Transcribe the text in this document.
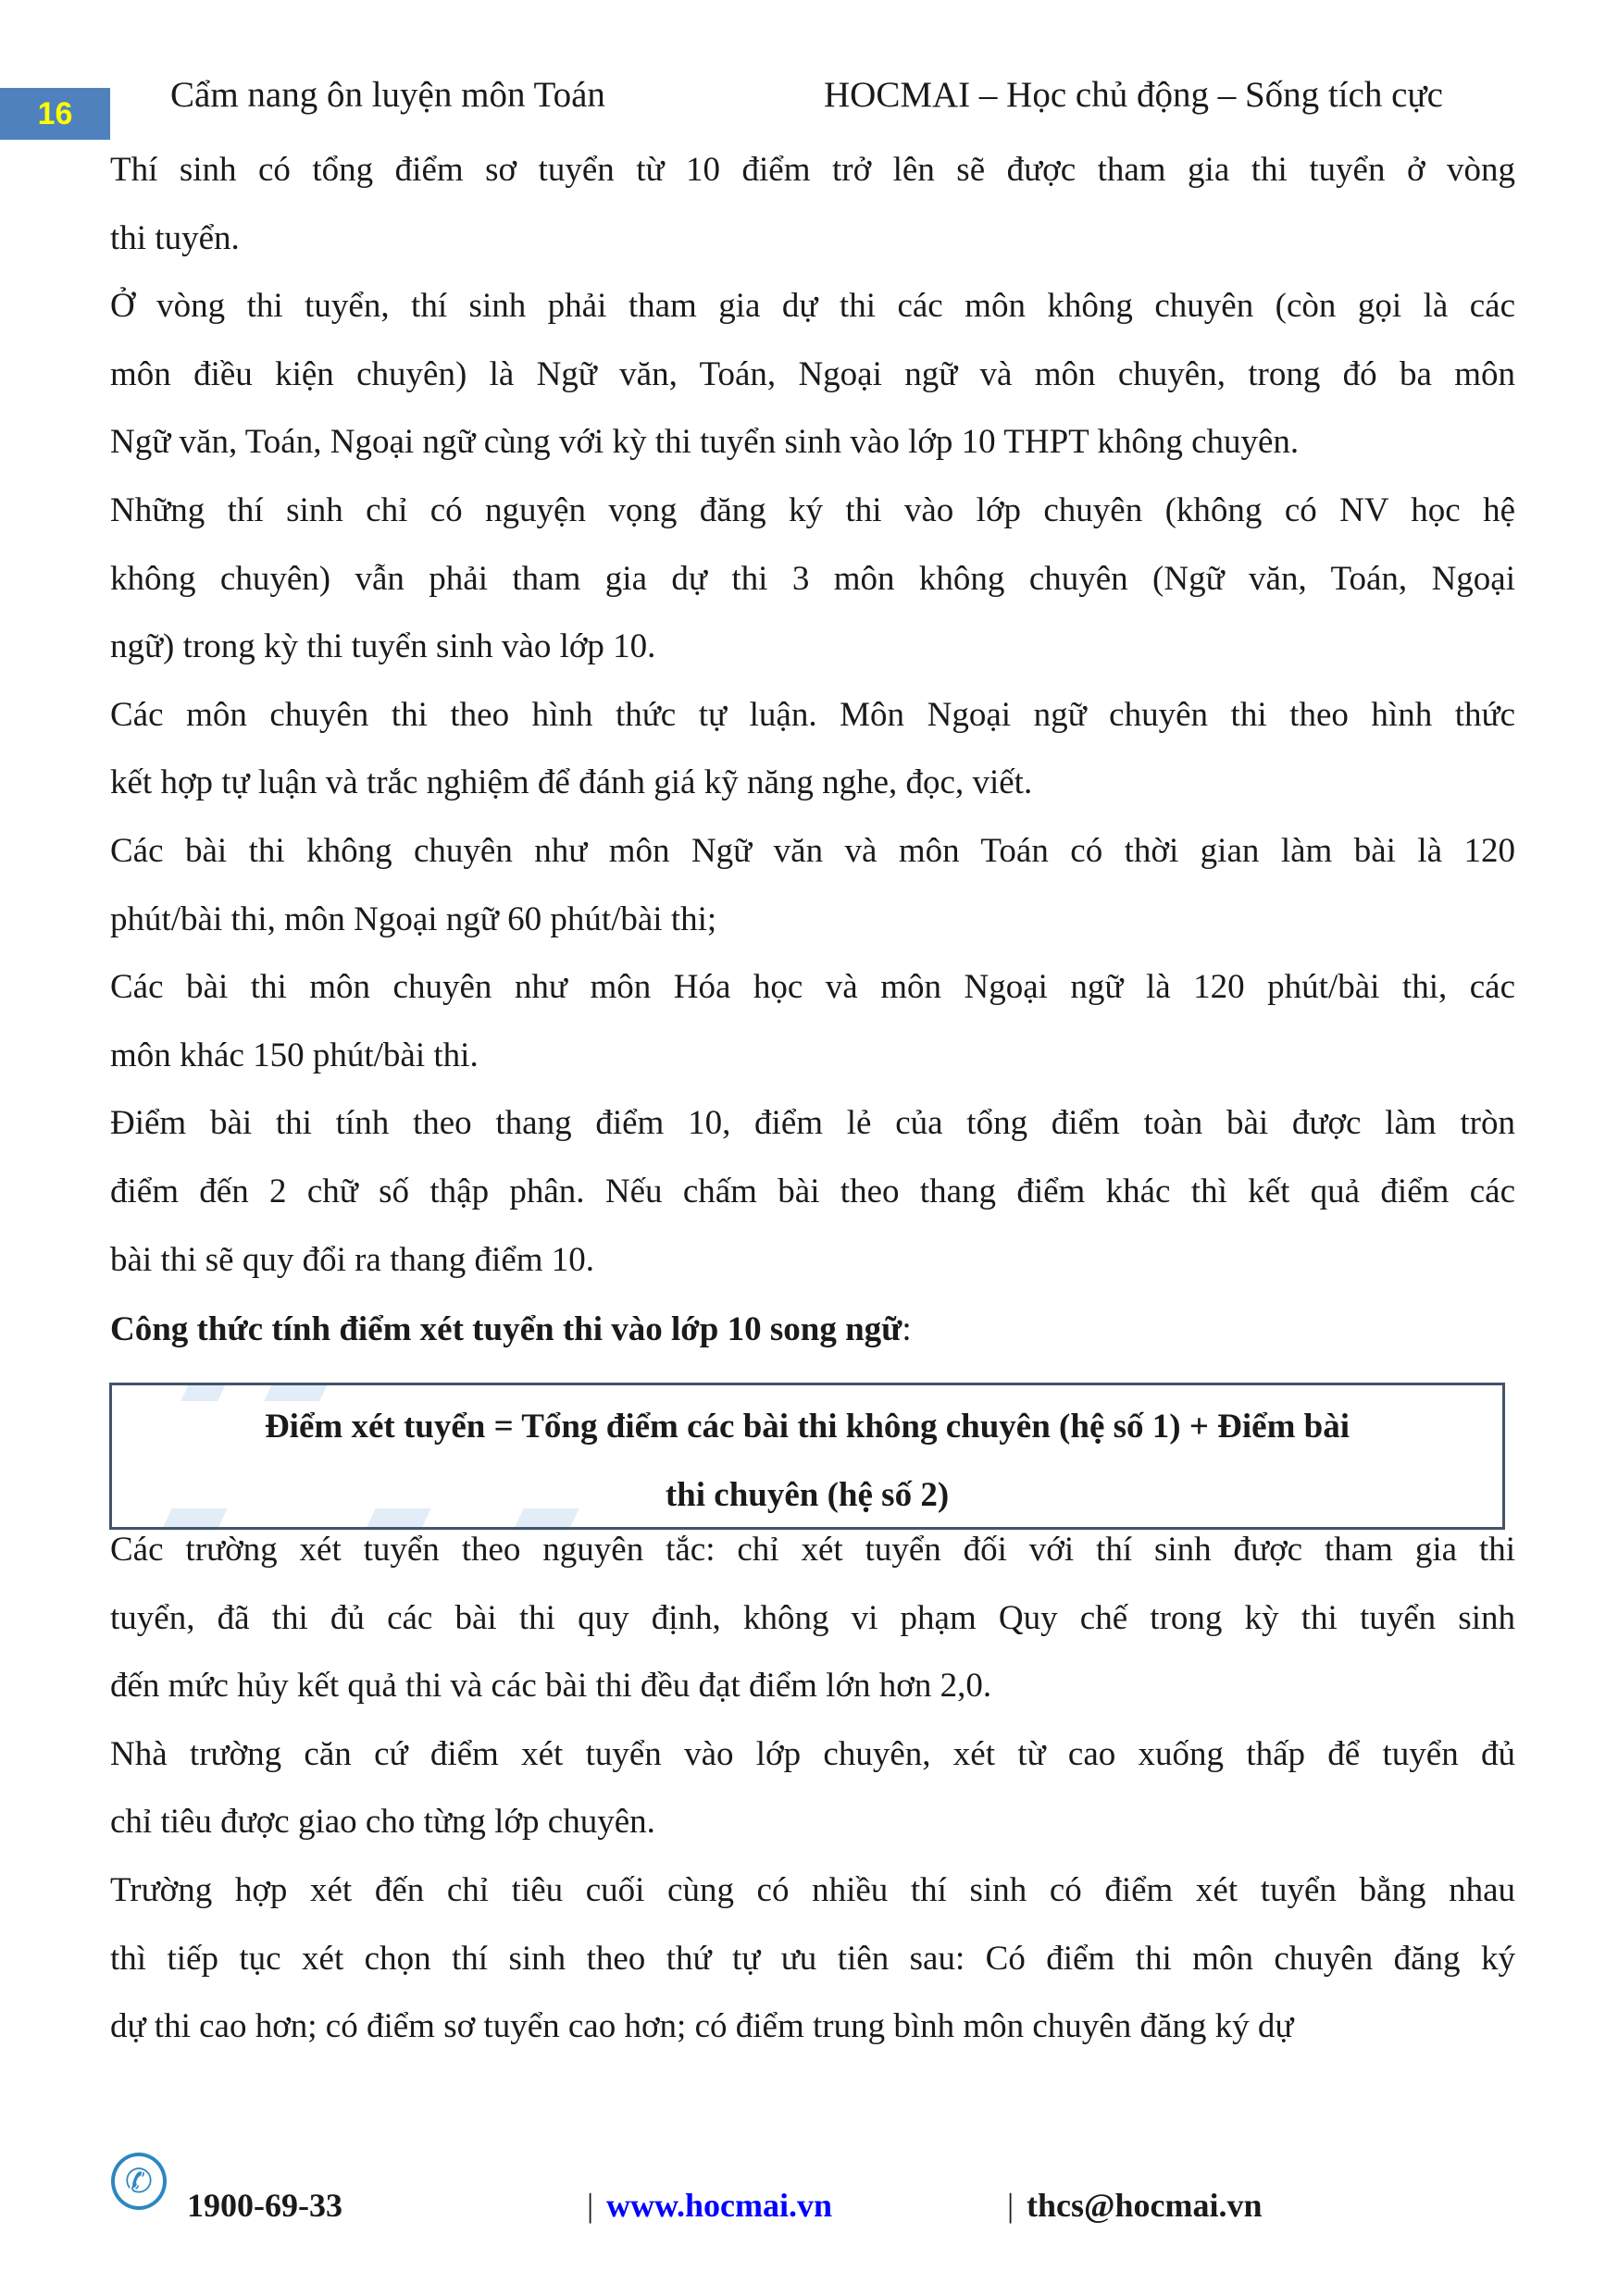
16	Cẩm nang ôn luyện môn Toán	HOCMAI – Học chủ động – Sống tích cực
Thí sinh có tổng điểm sơ tuyển từ 10 điểm trở lên sẽ được tham gia thi tuyển ở vòng
thi tuyển.
Ở vòng thi tuyển, thí sinh phải tham gia dự thi các môn không chuyên (còn gọi là các
môn điều kiện chuyên) là Ngữ văn, Toán, Ngoại ngữ và môn chuyên, trong đó ba môn
Ngữ văn, Toán, Ngoại ngữ cùng với kỳ thi tuyển sinh vào lớp 10 THPT không chuyên.
Những thí sinh chỉ có nguyện vọng đăng ký thi vào lớp chuyên (không có NV học hệ
không chuyên) vẫn phải tham gia dự thi 3 môn không chuyên (Ngữ văn, Toán, Ngoại
ngữ) trong kỳ thi tuyển sinh vào lớp 10.
Các môn chuyên thi theo hình thức tự luận. Môn Ngoại ngữ chuyên thi theo hình thức
kết hợp tự luận và trắc nghiệm để đánh giá kỹ năng nghe, đọc, viết.
Các bài thi không chuyên như môn Ngữ văn và môn Toán có thời gian làm bài là 120
phút/bài thi, môn Ngoại ngữ 60 phút/bài thi;
Các bài thi môn chuyên như môn Hóa học và môn Ngoại ngữ là 120 phút/bài thi, các
môn khác 150 phút/bài thi.
Điểm bài thi tính theo thang điểm 10, điểm lẻ của tổng điểm toàn bài được làm tròn
điểm đến 2 chữ số thập phân. Nếu chấm bài theo thang điểm khác thì kết quả điểm các
bài thi sẽ quy đổi ra thang điểm 10.
Công thức tính điểm xét tuyển thi vào lớp 10 song ngữ:
Điểm xét tuyển = Tổng điểm các bài thi không chuyên (hệ số 1) + Điểm bài
thi chuyên (hệ số 2)
Các trường xét tuyển theo nguyên tắc: chỉ xét tuyển đối với thí sinh được tham gia thi
tuyển, đã thi đủ các bài thi quy định, không vi phạm Quy chế trong kỳ thi tuyển sinh
đến mức hủy kết quả thi và các bài thi đều đạt điểm lớn hơn 2,0.
Nhà trường căn cứ điểm xét tuyển vào lớp chuyên, xét từ cao xuống thấp để tuyển đủ
chỉ tiêu được giao cho từng lớp chuyên.
Trường hợp xét đến chỉ tiêu cuối cùng có nhiều thí sinh có điểm xét tuyển bằng nhau
thì tiếp tục xét chọn thí sinh theo thứ tự ưu tiên sau: Có điểm thi môn chuyên đăng ký
dự thi cao hơn; có điểm sơ tuyển cao hơn; có điểm trung bình môn chuyên đăng ký dự
✆
1900-69-33	| www.hocmai.vn	| thcs@hocmai.vn
